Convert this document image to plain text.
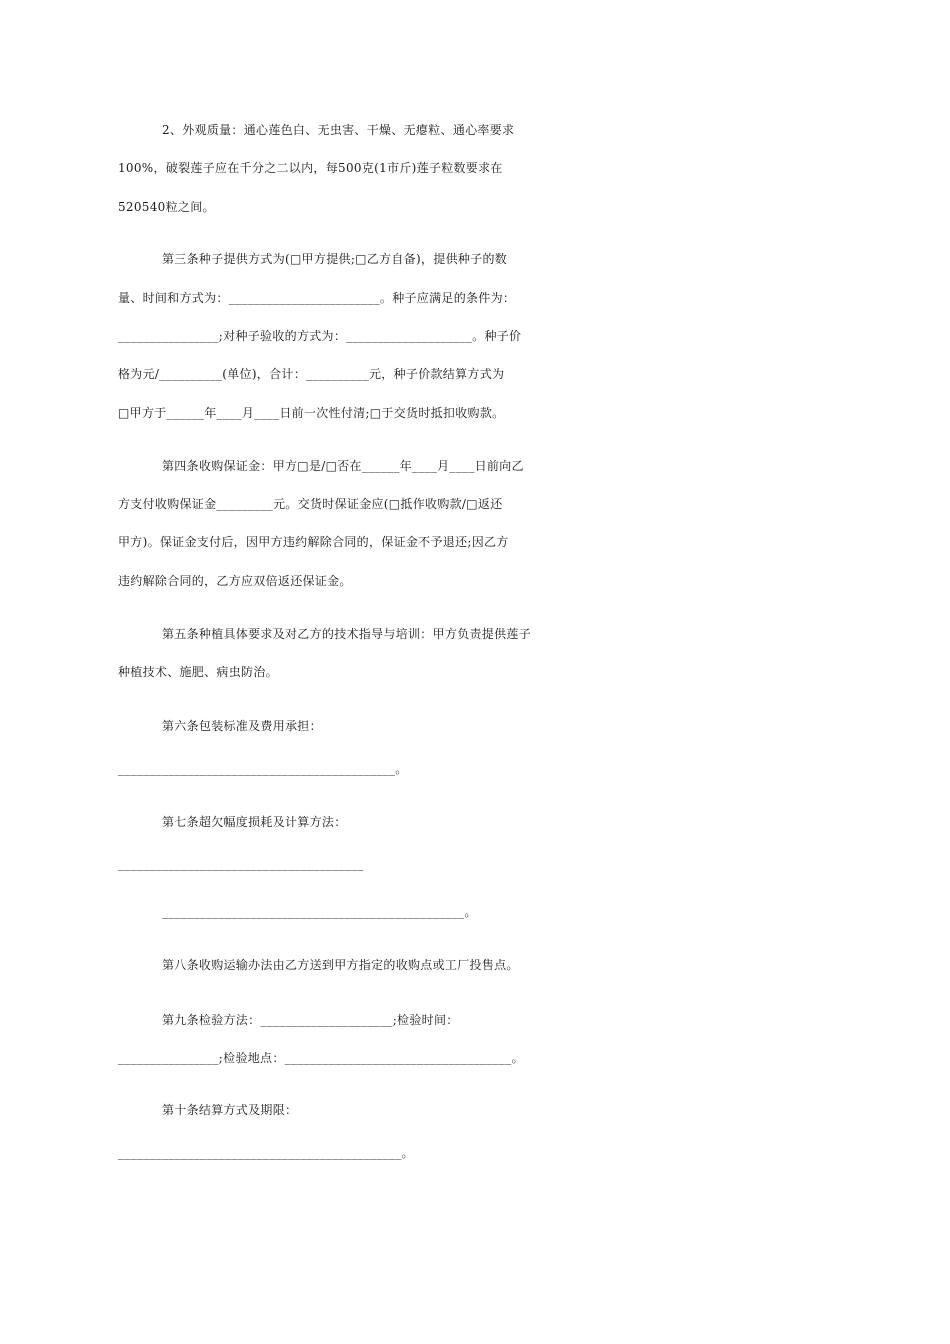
2、外观质量：通心莲色白、无虫害、干燥、无瘪粒、通心率要求
100%，破裂莲子应在千分之二以内，每500克(1市斤)莲子粒数要求在
520540粒之间。
第三条种子提供方式为(□甲方提供;□乙方自备)，提供种子的数
量、时间和方式为：________________________。种子应满足的条件为：
________________;对种子验收的方式为：____________________。种子价
格为元/__________(单位)，合计：__________元，种子价款结算方式为
□甲方于______年____月____日前一次性付清;□于交货时抵扣收购款。
第四条收购保证金：甲方□是/□否在______年____月____日前向乙
方支付收购保证金_________元。交货时保证金应(□抵作收购款/□返还
甲方)。保证金支付后，因甲方违约解除合同的，保证金不予退还;因乙方
违约解除合同的，乙方应双倍返还保证金。
第五条种植具体要求及对乙方的技术指导与培训：甲方负责提供莲子
种植技术、施肥、病虫防治。
第六条包装标准及费用承担：
____________________________________________。
第七条超欠幅度损耗及计算方法：
_______________________________________
________________________________________________。
第八条收购运输办法由乙方送到甲方指定的收购点或工厂投售点。
第九条检验方法：_____________________;检验时间：
________________;检验地点：____________________________________。
第十条结算方式及期限：
_____________________________________________。
